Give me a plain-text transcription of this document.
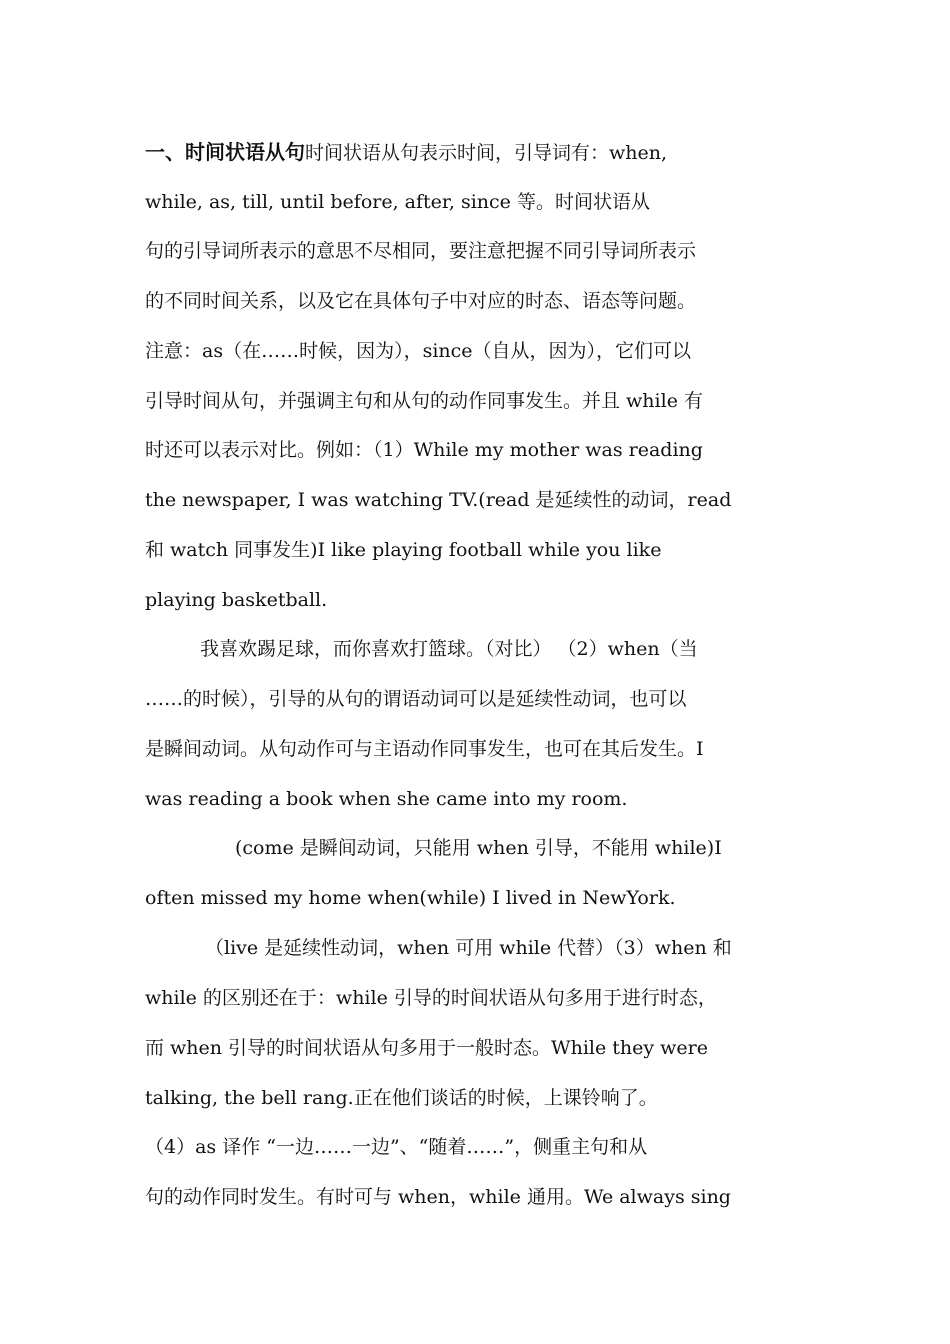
一、时间状语从句时间状语从句表示时间，引导词有：when,
while, as, till, until before, after, since 等。时间状语从
句的引导词所表示的意思不尽相同，要注意把握不同引导词所表示
的不同时间关系，以及它在具体句子中对应的时态、语态等问题。
注意：as（在……时候，因为），since（自从，因为），它们可以
引导时间从句，并强调主句和从句的动作同事发生。并且 while 有
时还可以表示对比。例如：（1）While my mother was reading
the newspaper, I was watching TV.(read 是延续性的动词，read
和 watch 同事发生)I like playing football while you like
playing basketball.
我喜欢踢足球，而你喜欢打篮球。（对比） （2）when（当
……的时候），引导的从句的谓语动词可以是延续性动词，也可以
是瞬间动词。从句动作可与主语动作同事发生，也可在其后发生。I
was reading a book when she came into my room.
(come 是瞬间动词，只能用 when 引导，不能用 while)I
often missed my home when(while) I lived in NewYork.
（live 是延续性动词，when 可用 while 代替）（3）when 和
while 的区别还在于：while 引导的时间状语从句多用于进行时态，
而 when 引导的时间状语从句多用于一般时态。While they were
talking, the bell rang.正在他们谈话的时候，上课铃响了。
（4）as 译作 “一边……一边”、“随着……”，侧重主句和从
句的动作同时发生。有时可与 when，while 通用。We always sing
